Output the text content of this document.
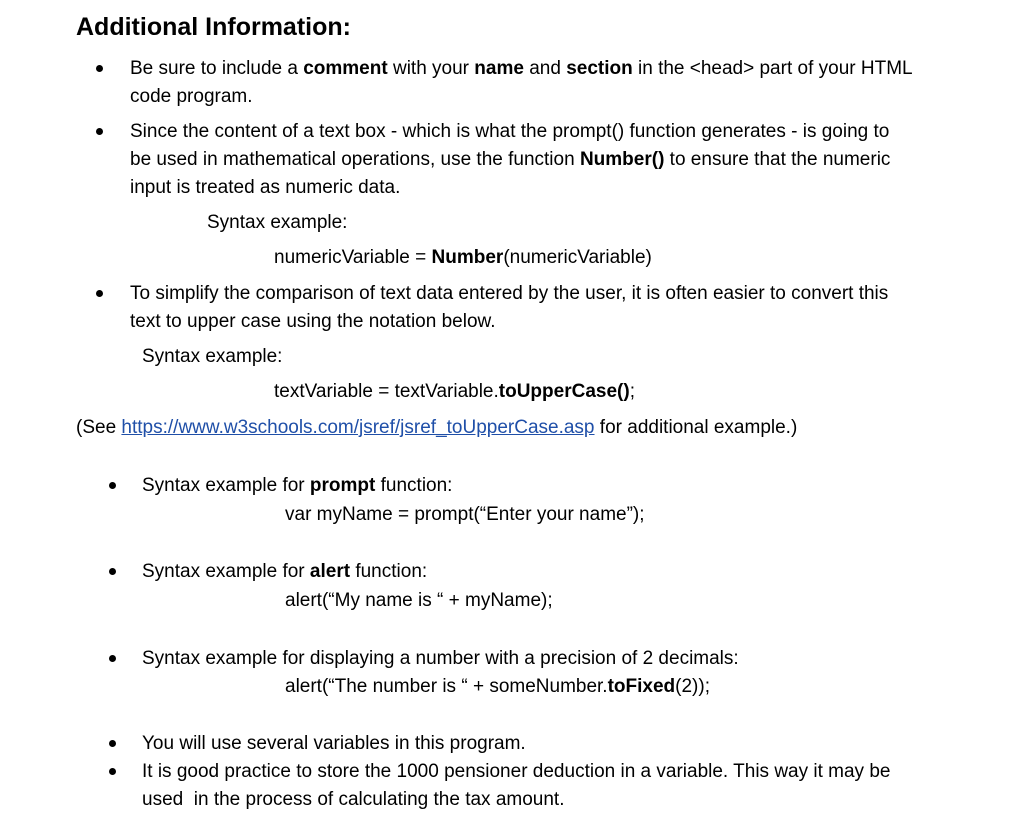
Additional Information:
Be sure to include a comment with your name and section in the <head> part of your HTML
code program.
Since the content of a text box - which is what the prompt() function generates - is going to
be used in mathematical operations, use the function Number() to ensure that the numeric
input is treated as numeric data.
Syntax example:
numericVariable = Number(numericVariable)
To simplify the comparison of text data entered by the user, it is often easier to convert this
text to upper case using the notation below.
Syntax example:
textVariable = textVariable.toUpperCase();
(See https://www.w3schools.com/jsref/jsref_toUpperCase.asp for additional example.)
Syntax example for prompt function:
var myName = prompt(“Enter your name”);
Syntax example for alert function:
alert(“My name is “ + myName);
Syntax example for displaying a number with a precision of 2 decimals:
alert(“The number is “ + someNumber.toFixed(2));
You will use several variables in this program.
It is good practice to store the 1000 pensioner deduction in a variable. This way it may be
used  in the process of calculating the tax amount.
